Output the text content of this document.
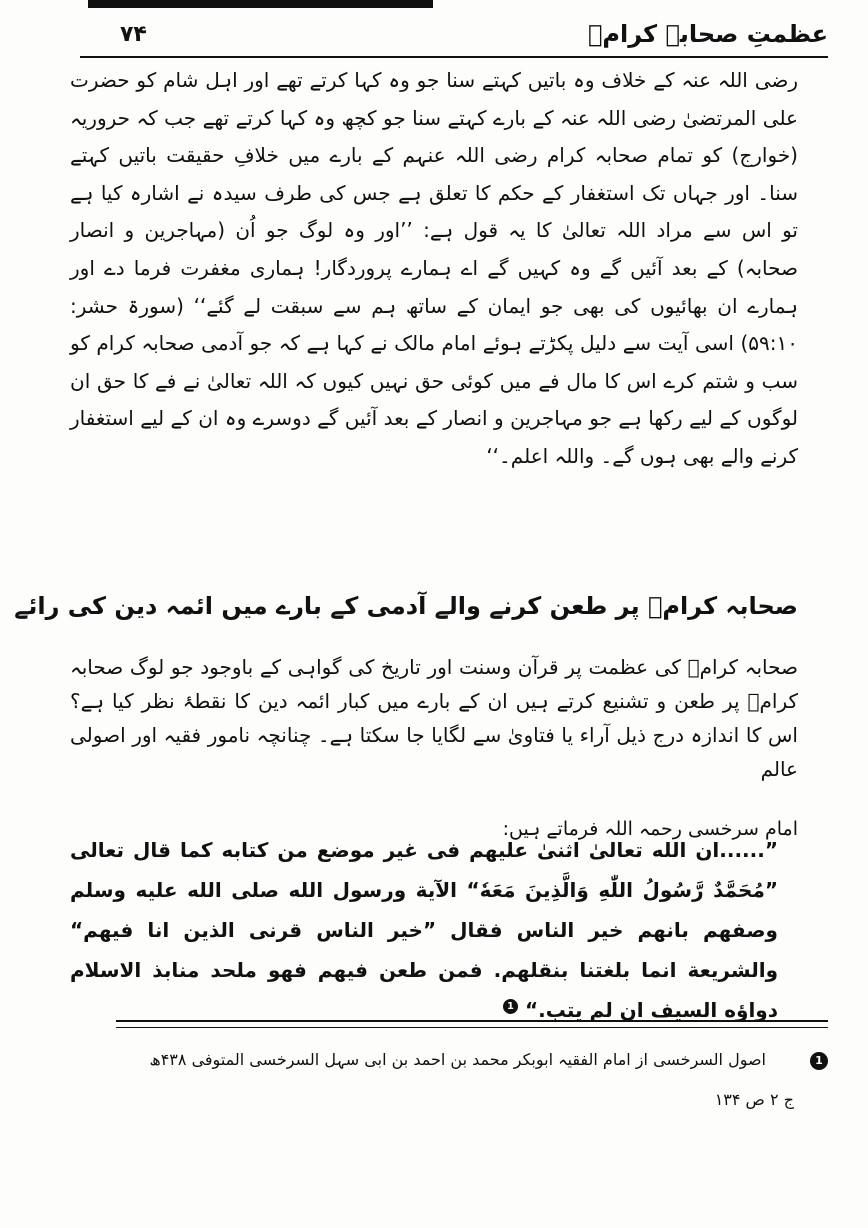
عظمتِ صحابہ کرامؓ
۷۴

رضی اللہ عنہ کے خلاف وہ باتیں کہتے سنا جو وہ کہا کرتے تھے اور اہل شام کو حضرت علی المرتضیٰ رضی اللہ عنہ کے بارے کہتے سنا جو کچھ وہ کہا کرتے تھے جب کہ حروریہ (خوارج) کو تمام صحابہ کرام رضی اللہ عنہم کے بارے میں خلافِ حقیقت باتیں کہتے سنا۔ اور جہاں تک استغفار کے حکم کا تعلق ہے جس کی طرف سیدہ نے اشارہ کیا ہے تو اس سے مراد اللہ تعالیٰ کا یہ قول ہے: ’’اور وہ لوگ جو اُن (مہاجرین و انصار صحابہ) کے بعد آئیں گے وہ کہیں گے اے ہمارے پروردگار! ہماری مغفرت فرما دے اور ہمارے ان بھائیوں کی بھی جو ایمان کے ساتھ ہم سے سبقت لے گئے‘‘ (سورۃ حشر: ۵۹:۱۰) اسی آیت سے دلیل پکڑتے ہوئے امام مالک نے کہا ہے کہ جو آدمی صحابہ کرام کو سب و شتم کرے اس کا مال فے میں کوئی حق نہیں کیوں کہ اللہ تعالیٰ نے فے کا حق ان لوگوں کے لیے رکھا ہے جو مہاجرین و انصار کے بعد آئیں گے دوسرے وہ ان کے لیے استغفار کرنے والے بھی ہوں گے۔ واللہ اعلم۔‘‘

صحابہ کرامؓ پر طعن کرنے والے آدمی کے بارے میں ائمہ دین کی رائے

صحابہ کرامؓ کی عظمت پر قرآن وسنت اور تاریخ کی گواہی کے باوجود جو لوگ صحابہ کرامؓ پر طعن و تشنیع کرتے ہیں ان کے بارے میں کبار ائمہ دین کا نقطۂ نظر کیا ہے؟ اس کا اندازہ درج ذیل آراء یا فتاویٰ سے لگایا جا سکتا ہے۔ چنانچہ نامور فقیہ اور اصولی عالم

امام سرخسی رحمہ اللہ فرماتے ہیں:

”......ان الله تعالىٰ اثنىٰ عليهم فى غير موضع من كتابه كما قال تعالى ”مُحَمَّدٌ رَّسُولُ اللّٰهِ وَالَّذِينَ مَعَهٗ“ الآية ورسول الله صلى الله عليه وسلم وصفهم بانهم خير الناس فقال ”خير الناس قرنى الذين انا فيهم“ والشريعة انما بلغتنا بنقلهم. فمن طعن فيهم فهو ملحد منابذ الاسلام دواؤه السيف ان لم يتب.“ 1

1
اصول السرخسی از امام الفقیہ ابوبکر محمد بن احمد بن ابی سہل السرخسی المتوفی ۴۳۸ھ
ج ۲ ص ۱۳۴
